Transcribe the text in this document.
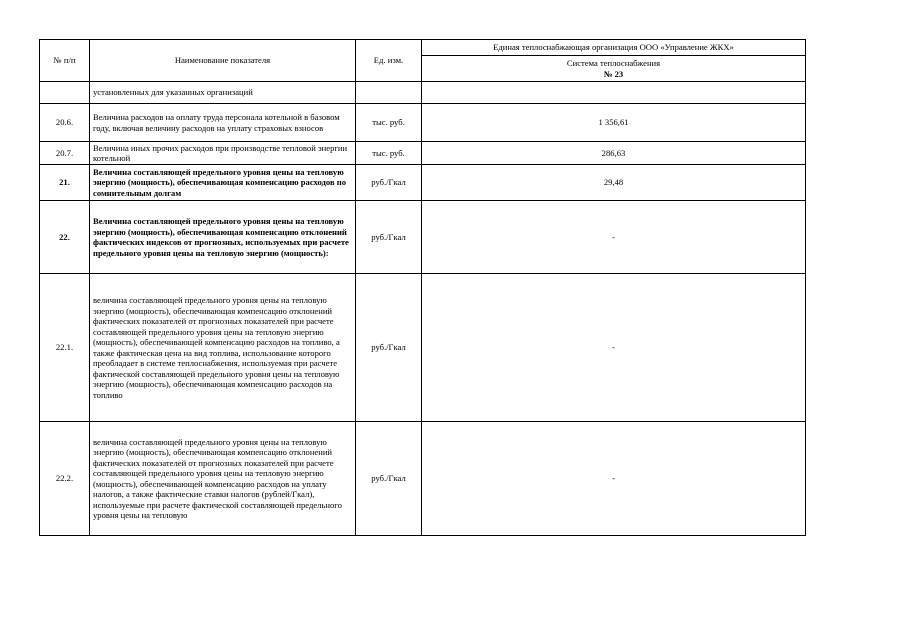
№ п/п	Наименование показателя	Ед. изм.	Единая теплоснабжающая организация ООО «Управление ЖКХ»

			Система теплоснабжения
№ 23

	установленных для указанных организаций		
20.6.	Величина расходов на оплату труда персонала котельной в базовом году, включая величину расходов на уплату страховых взносов	тыс. руб.	1 356,61
20.7.	Величина иных прочих расходов при производстве тепловой энергии котельной	тыс. руб.	286,63
21.	Величина составляющей предельного уровня цены на тепловую энергию (мощность), обеспечивающая компенсацию расходов по сомнительным долгам	руб./Гкал	29,48
22.	Величина составляющей предельного уровня цены на тепловую энергию (мощность), обеспечивающая компенсацию отклонений фактических индексов от прогнозных, используемых при расчете предельного уровня цены на тепловую энергию (мощность):	руб./Гкал	-
22.1.	величина составляющей предельного уровня цены на тепловую энергию (мощность), обеспечивающая компенсацию отклонений фактических показателей от прогнозных показателей при расчете составляющей предельного уровня цены на тепловую энергию (мощность), обеспечивающей компенсацию расходов на топливо, а также фактическая цена на вид топлива, использование которого преобладает в системе теплоснабжения, используемая при расчете фактической составляющей предельного уровня цены на тепловую энергию (мощность), обеспечивающая компенсацию расходов на топливо	руб./Гкал	-
22.2.	величина составляющей предельного уровня цены на тепловую энергию (мощность), обеспечивающая компенсацию отклонений фактических показателей от прогнозных показателей при расчете составляющей предельного уровня цены на тепловую энергию (мощность), обеспечивающей компенсацию расходов на уплату налогов, а также фактические ставки налогов (рублей/Гкал), используемые при расчете фактической составляющей предельного уровня цены на тепловую	руб./Гкал	-
